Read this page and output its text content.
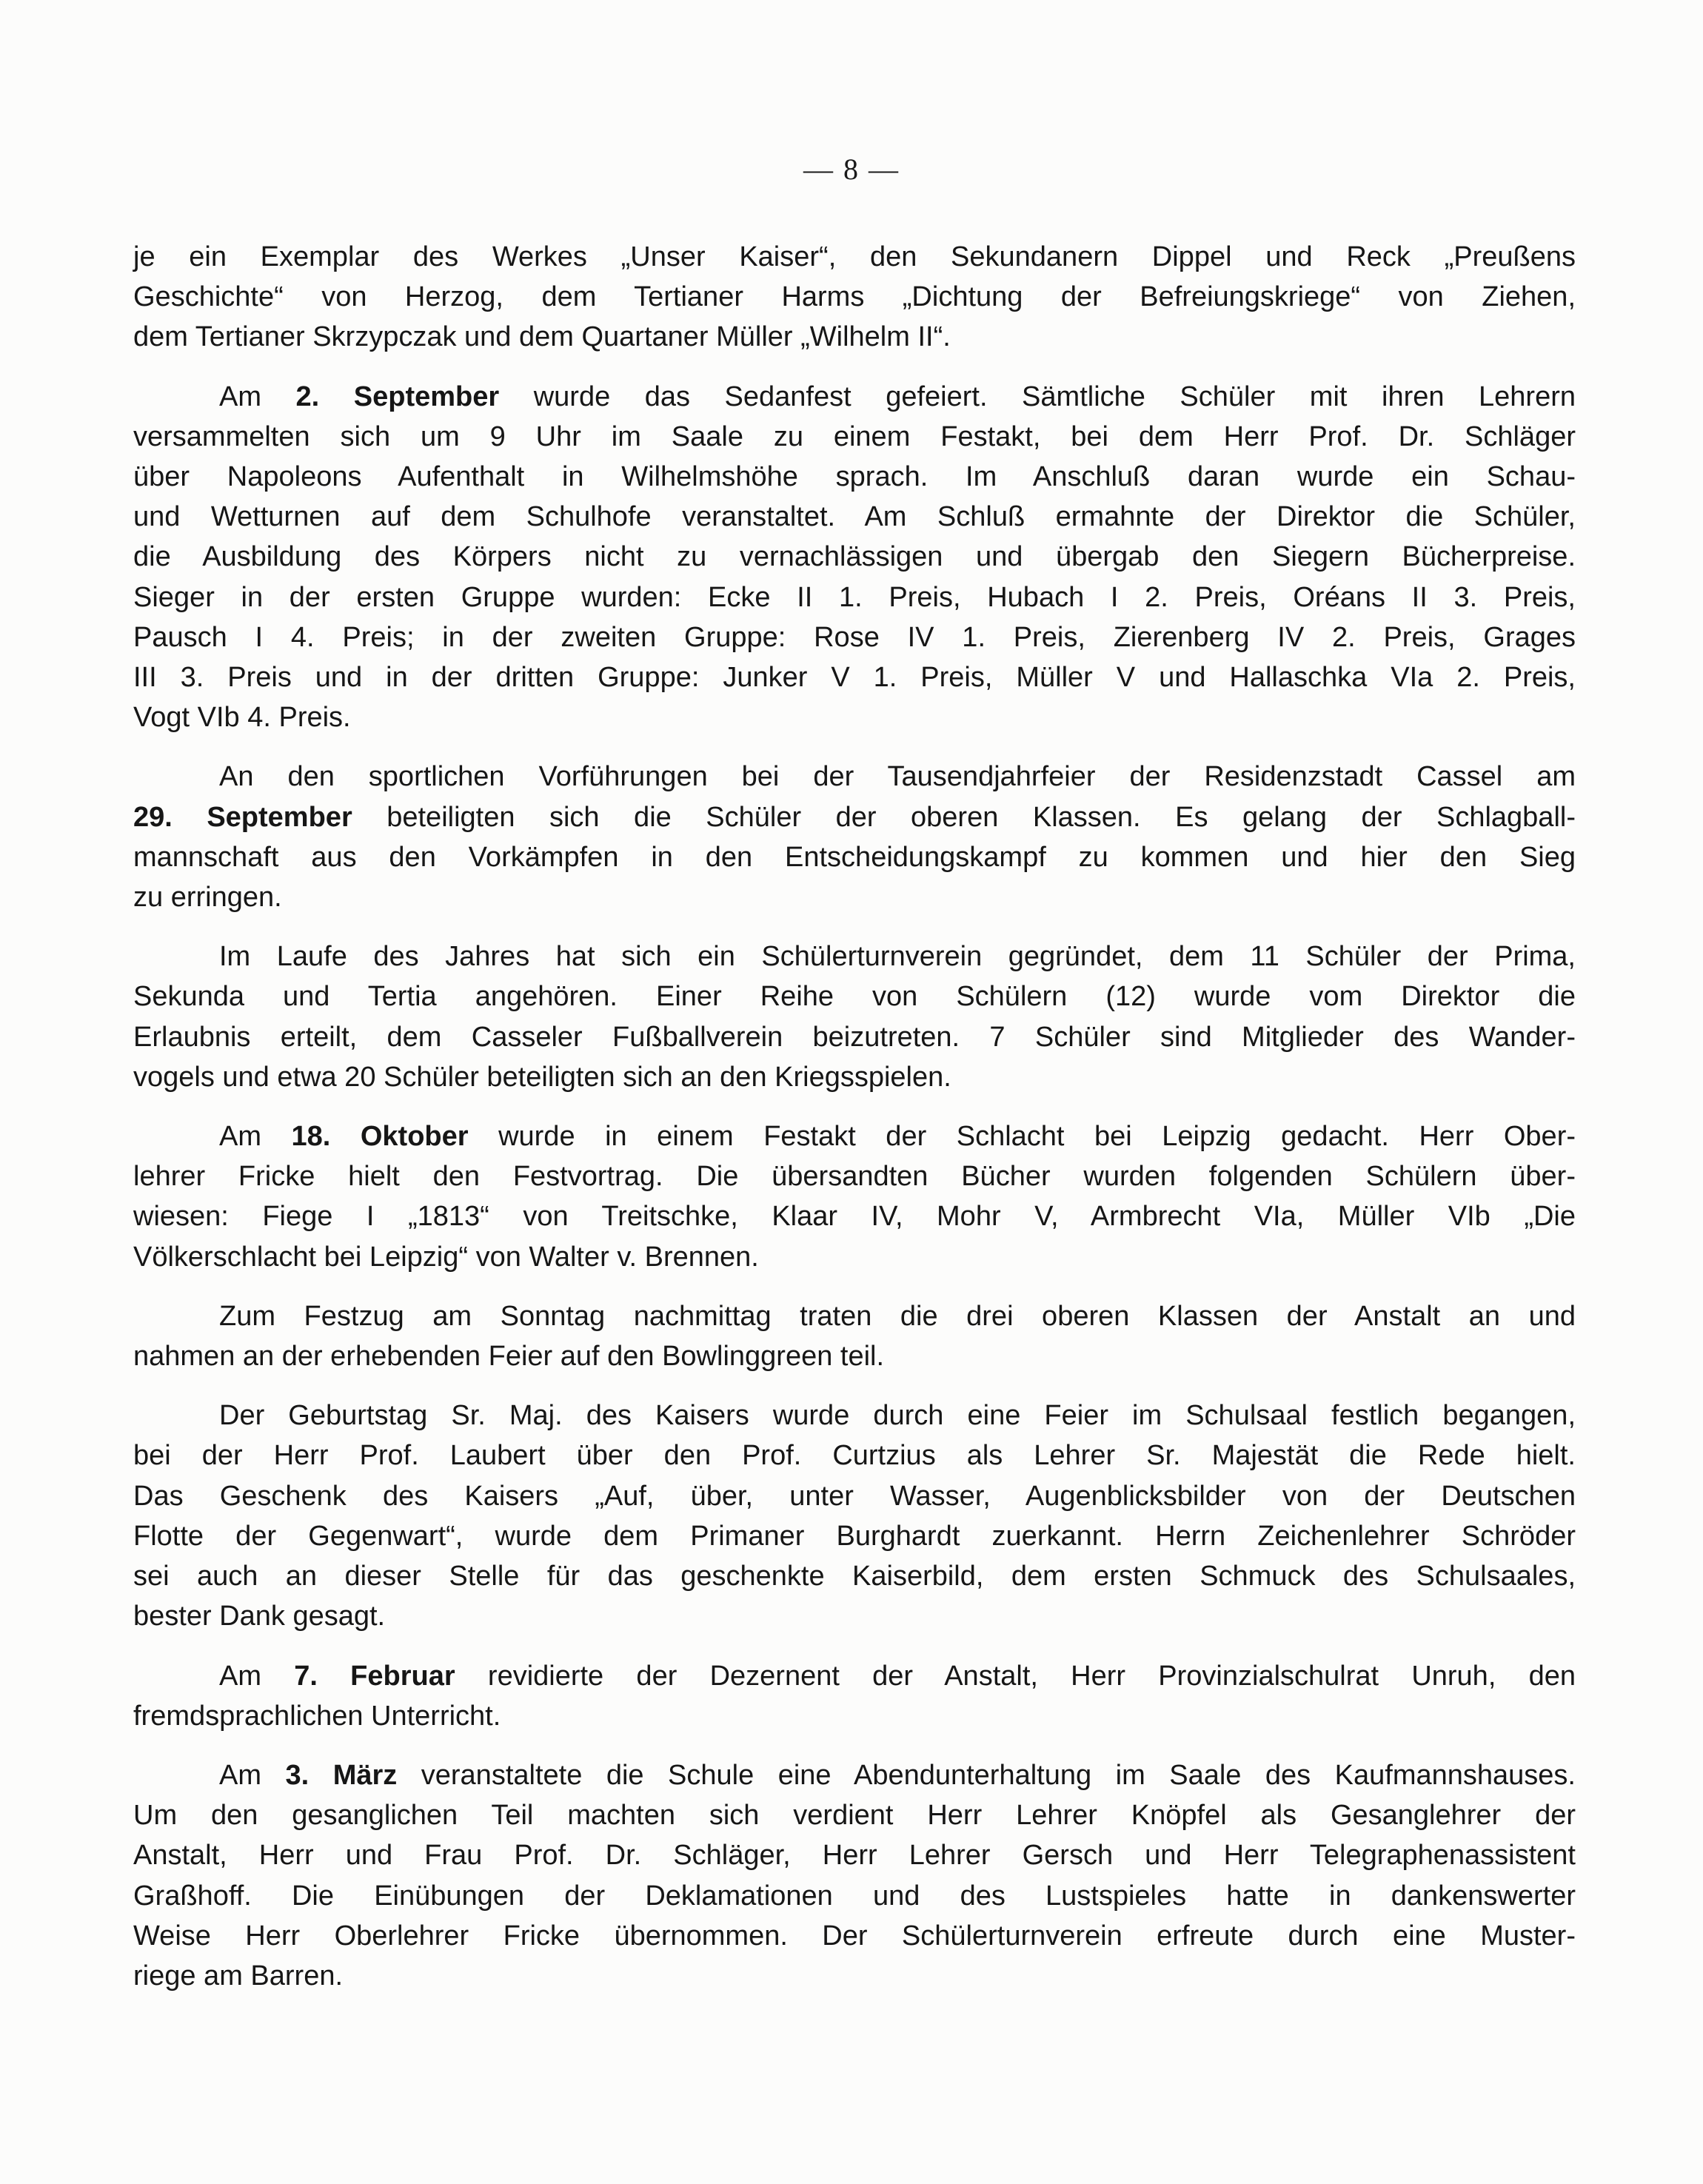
— 8 —
je ein Exemplar des Werkes „Unser Kaiser“, den Sekundanern Dippel und Reck „Preußens
Geschichte“ von Herzog, dem Tertianer Harms „Dichtung der Befreiungskriege“ von Ziehen,
dem Tertianer Skrzypczak und dem Quartaner Müller „Wilhelm II“.
Am 2. September wurde das Sedanfest gefeiert. Sämtliche Schüler mit ihren Lehrern
versammelten sich um 9 Uhr im Saale zu einem Festakt, bei dem Herr Prof. Dr. Schläger
über Napoleons Aufenthalt in Wilhelmshöhe sprach. Im Anschluß daran wurde ein Schau-
und Wetturnen auf dem Schulhofe veranstaltet. Am Schluß ermahnte der Direktor die Schüler,
die Ausbildung des Körpers nicht zu vernachlässigen und übergab den Siegern Bücherpreise.
Sieger in der ersten Gruppe wurden: Ecke II 1. Preis, Hubach I 2. Preis, Oréans II 3. Preis,
Pausch I 4. Preis; in der zweiten Gruppe: Rose IV 1. Preis, Zierenberg IV 2. Preis, Grages
III 3. Preis und in der dritten Gruppe: Junker V 1. Preis, Müller V und Hallaschka VIa 2. Preis,
Vogt VIb 4. Preis.
An den sportlichen Vorführungen bei der Tausendjahrfeier der Residenzstadt Cassel am
29. September beteiligten sich die Schüler der oberen Klassen. Es gelang der Schlagball-
mannschaft aus den Vorkämpfen in den Entscheidungskampf zu kommen und hier den Sieg
zu erringen.
Im Laufe des Jahres hat sich ein Schülerturnverein gegründet, dem 11 Schüler der Prima,
Sekunda und Tertia angehören. Einer Reihe von Schülern (12) wurde vom Direktor die
Erlaubnis erteilt, dem Casseler Fußballverein beizutreten. 7 Schüler sind Mitglieder des Wander-
vogels und etwa 20 Schüler beteiligten sich an den Kriegsspielen.
Am 18. Oktober wurde in einem Festakt der Schlacht bei Leipzig gedacht. Herr Ober-
lehrer Fricke hielt den Festvortrag. Die übersandten Bücher wurden folgenden Schülern über-
wiesen: Fiege I „1813“ von Treitschke, Klaar IV, Mohr V, Armbrecht VIa, Müller VIb „Die
Völkerschlacht bei Leipzig“ von Walter v. Brennen.
Zum Festzug am Sonntag nachmittag traten die drei oberen Klassen der Anstalt an und
nahmen an der erhebenden Feier auf den Bowlinggreen teil.
Der Geburtstag Sr. Maj. des Kaisers wurde durch eine Feier im Schulsaal festlich begangen,
bei der Herr Prof. Laubert über den Prof. Curtzius als Lehrer Sr. Majestät die Rede hielt.
Das Geschenk des Kaisers „Auf, über, unter Wasser, Augenblicksbilder von der Deutschen
Flotte der Gegenwart“, wurde dem Primaner Burghardt zuerkannt. Herrn Zeichenlehrer Schröder
sei auch an dieser Stelle für das geschenkte Kaiserbild, dem ersten Schmuck des Schulsaales,
bester Dank gesagt.
Am 7. Februar revidierte der Dezernent der Anstalt, Herr Provinzialschulrat Unruh, den
fremdsprachlichen Unterricht.
Am 3. März veranstaltete die Schule eine Abendunterhaltung im Saale des Kaufmannshauses.
Um den gesanglichen Teil machten sich verdient Herr Lehrer Knöpfel als Gesanglehrer der
Anstalt, Herr und Frau Prof. Dr. Schläger, Herr Lehrer Gersch und Herr Telegraphenassistent
Graßhoff. Die Einübungen der Deklamationen und des Lustspieles hatte in dankenswerter
Weise Herr Oberlehrer Fricke übernommen. Der Schülerturnverein erfreute durch eine Muster-
riege am Barren.
